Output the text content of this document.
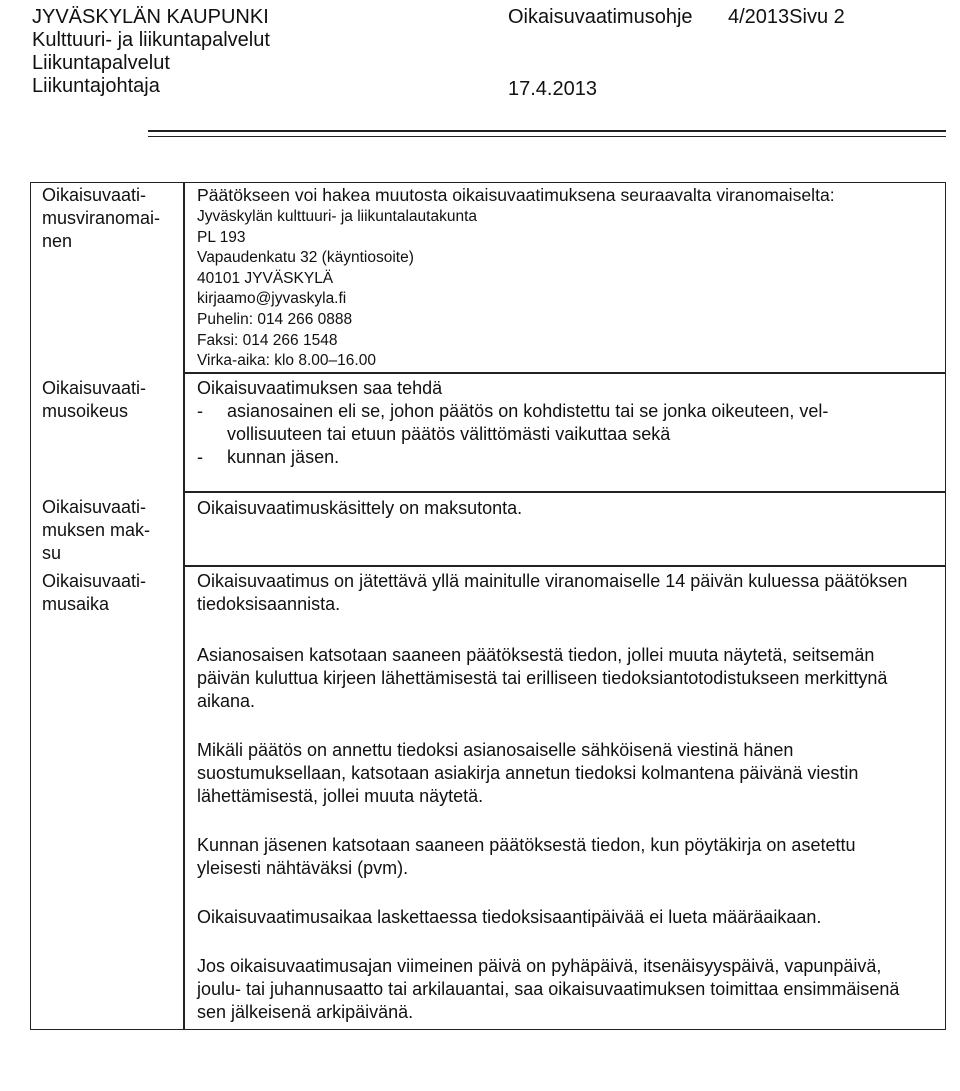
JYVÄSKYLÄN KAUPUNKI
Kulttuuri- ja liikuntapalvelut
Liikuntapalvelut
Liikuntajohtaja
Oikaisuvaatimusohje 4/2013Sivu 2
17.4.2013
Oikaisuvaati-
musviranomai-
nen
Päätökseen voi hakea muutosta oikaisuvaatimuksena seuraavalta viranomaiselta:
Jyväskylän kulttuuri- ja liikuntalautakunta
PL 193
Vapaudenkatu 32 (käyntiosoite)
40101 JYVÄSKYLÄ
kirjaamo@jyvaskyla.fi
Puhelin: 014 266 0888
Faksi: 014 266 1548
Virka-aika: klo 8.00–16.00
Oikaisuvaati-
musoikeus
Oikaisuvaatimuksen saa tehdä
-	asianosainen eli se, johon päätös on kohdistettu tai se jonka oikeuteen, vel-
vollisuuteen tai etuun päätös välittömästi vaikuttaa sekä
-	kunnan jäsen.
Oikaisuvaati-
muksen mak-
su
Oikaisuvaatimuskäsittely on maksutonta.
Oikaisuvaati-
musaika

Oikaisuvaatimus on jätettävä yllä mainitulle viranomaiselle 14 päivän kuluessa päätöksen tiedoksisaannista.

Asianosaisen katsotaan saaneen päätöksestä tiedon, jollei muuta näytetä, seitsemän päivän kuluttua kirjeen lähettämisestä tai erilliseen tiedoksiantotodistukseen merkittynä aikana.

Mikäli päätös on annettu tiedoksi asianosaiselle sähköisenä viestinä hänen suostumuksellaan, katsotaan asiakirja annetun tiedoksi kolmantena päivänä viestin lähettämisestä, jollei muuta näytetä.

Kunnan jäsenen katsotaan saaneen päätöksestä tiedon, kun pöytäkirja on asetettu yleisesti nähtäväksi (pvm).

Oikaisuvaatimusaikaa laskettaessa tiedoksisaantipäivää ei lueta määräaikaan.

Jos oikaisuvaatimusajan viimeinen päivä on pyhäpäivä, itsenäisyyspäivä, vapunpäivä, joulu- tai juhannusaatto tai arkilauantai, saa oikaisuvaatimuksen toimittaa ensimmäisenä sen jälkeisenä arkipäivänä.
